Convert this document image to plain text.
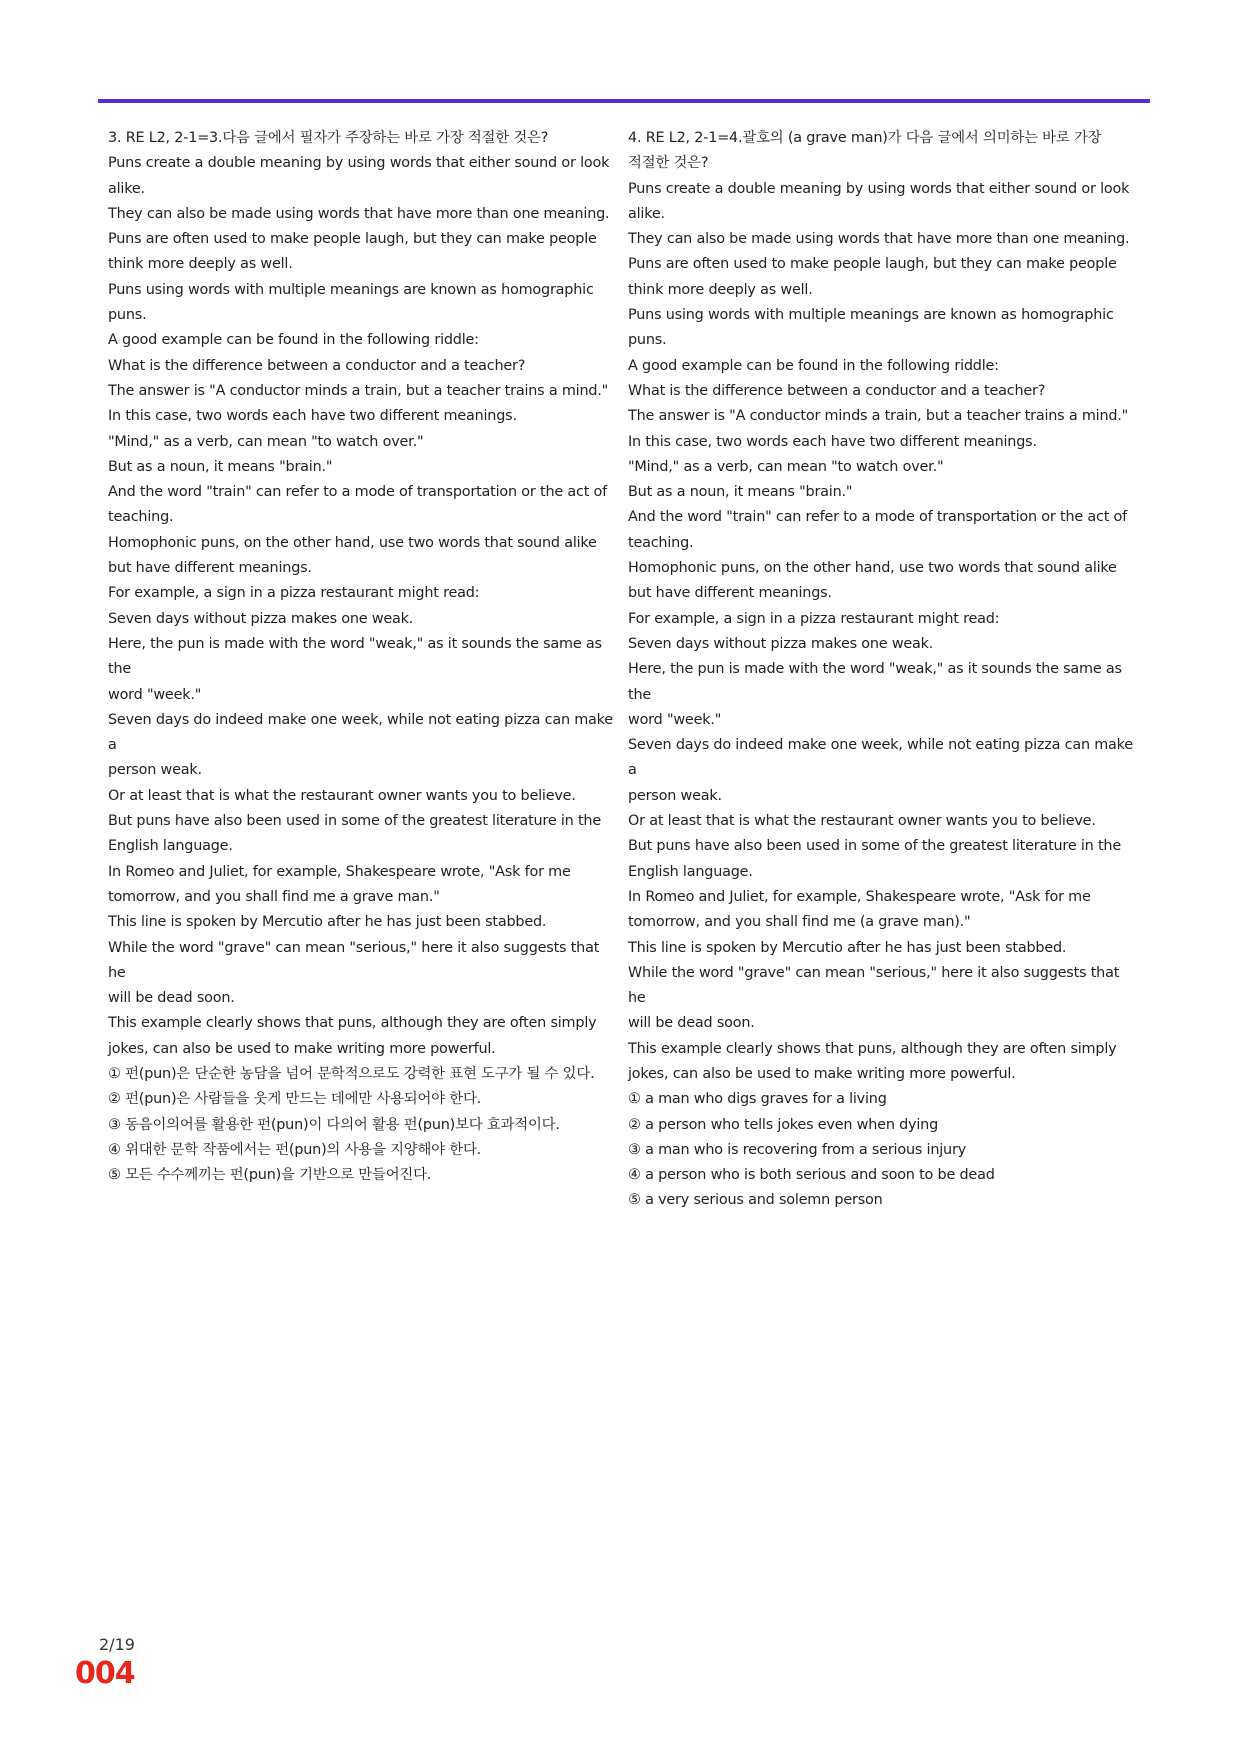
3. RE L2, 2-1=3.다음 글에서 필자가 주장하는 바로 가장 적절한 것은?
Puns create a double meaning by using words that either sound or look
alike.
They can also be made using words that have more than one meaning.
Puns are often used to make people laugh, but they can make people
think more deeply as well.
Puns using words with multiple meanings are known as homographic
puns.
A good example can be found in the following riddle:
What is the difference between a conductor and a teacher?
The answer is "A conductor minds a train, but a teacher trains a mind."
In this case, two words each have two different meanings.
"Mind," as a verb, can mean "to watch over."
But as a noun, it means "brain."
And the word "train" can refer to a mode of transportation or the act of
teaching.
Homophonic puns, on the other hand, use two words that sound alike
but have different meanings.
For example, a sign in a pizza restaurant might read:
Seven days without pizza makes one weak.
Here, the pun is made with the word "weak," as it sounds the same as the
word "week."
Seven days do indeed make one week, while not eating pizza can make a
person weak.
Or at least that is what the restaurant owner wants you to believe.
But puns have also been used in some of the greatest literature in the
English language.
In Romeo and Juliet, for example, Shakespeare wrote, "Ask for me
tomorrow, and you shall find me a grave man."
This line is spoken by Mercutio after he has just been stabbed.
While the word "grave" can mean "serious," here it also suggests that he
will be dead soon.
This example clearly shows that puns, although they are often simply
jokes, can also be used to make writing more powerful.
① 펀(pun)은 단순한 농담을 넘어 문학적으로도 강력한 표현 도구가 될 수 있다.
② 펀(pun)은 사람들을 웃게 만드는 데에만 사용되어야 한다.
③ 동음이의어를 활용한 펀(pun)이 다의어 활용 펀(pun)보다 효과적이다.
④ 위대한 문학 작품에서는 펀(pun)의 사용을 지양해야 한다.
⑤ 모든 수수께끼는 펀(pun)을 기반으로 만들어진다.
4. RE L2, 2-1=4.괄호의 (a grave man)가 다음 글에서 의미하는 바로 가장
적절한 것은?
Puns create a double meaning by using words that either sound or look
alike.
They can also be made using words that have more than one meaning.
Puns are often used to make people laugh, but they can make people
think more deeply as well.
Puns using words with multiple meanings are known as homographic
puns.
A good example can be found in the following riddle:
What is the difference between a conductor and a teacher?
The answer is "A conductor minds a train, but a teacher trains a mind."
In this case, two words each have two different meanings.
"Mind," as a verb, can mean "to watch over."
But as a noun, it means "brain."
And the word "train" can refer to a mode of transportation or the act of
teaching.
Homophonic puns, on the other hand, use two words that sound alike
but have different meanings.
For example, a sign in a pizza restaurant might read:
Seven days without pizza makes one weak.
Here, the pun is made with the word "weak," as it sounds the same as the
word "week."
Seven days do indeed make one week, while not eating pizza can make a
person weak.
Or at least that is what the restaurant owner wants you to believe.
But puns have also been used in some of the greatest literature in the
English language.
In Romeo and Juliet, for example, Shakespeare wrote, "Ask for me
tomorrow, and you shall find me (a grave man)."
This line is spoken by Mercutio after he has just been stabbed.
While the word "grave" can mean "serious," here it also suggests that he
will be dead soon.
This example clearly shows that puns, although they are often simply
jokes, can also be used to make writing more powerful.
① a man who digs graves for a living
② a person who tells jokes even when dying
③ a man who is recovering from a serious injury
④ a person who is both serious and soon to be dead
⑤ a very serious and solemn person
2/19
004
